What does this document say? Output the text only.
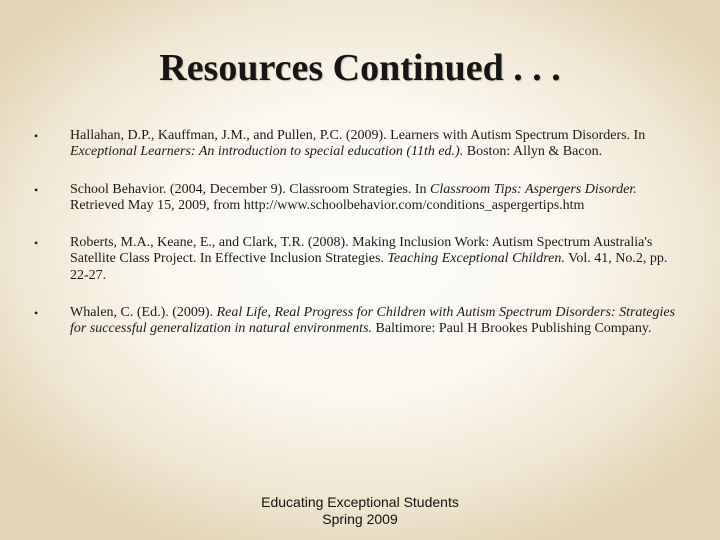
Resources Continued . . .
•	Hallahan, D.P., Kauffman, J.M., and Pullen, P.C. (2009). Learners with Autism Spectrum Disorders. In Exceptional Learners: An introduction to special education (11th ed.). Boston: Allyn & Bacon.
•	School Behavior. (2004, December 9). Classroom Strategies. In Classroom Tips: Aspergers Disorder. Retrieved May 15, 2009, from http://www.schoolbehavior.com/conditions_aspergertips.htm
•	Roberts, M.A., Keane, E., and Clark, T.R. (2008). Making Inclusion Work: Autism Spectrum Australia's Satellite Class Project. In Effective Inclusion Strategies. Teaching Exceptional Children. Vol. 41, No.2, pp. 22-27.
•	Whalen, C. (Ed.). (2009). Real Life, Real Progress for Children with Autism Spectrum Disorders: Strategies for successful generalization in natural environments. Baltimore: Paul H Brookes Publishing Company.
Educating Exceptional Students
Spring 2009
